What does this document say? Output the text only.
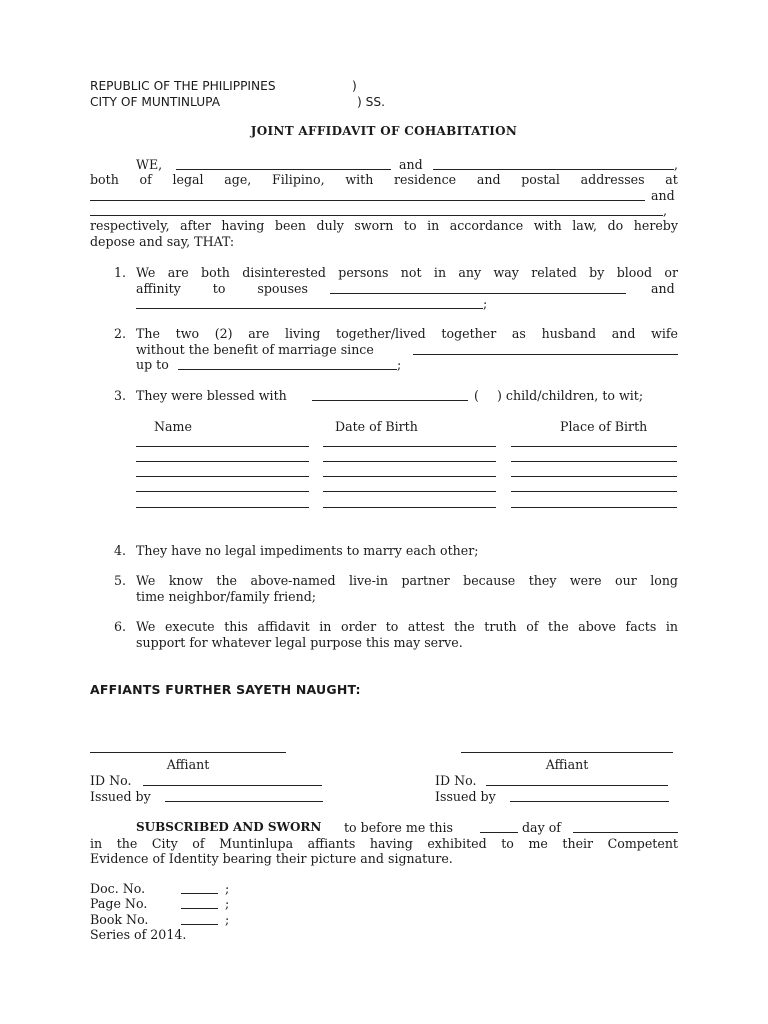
REPUBLIC OF THE PHILIPPINES	)
CITY OF MUNTINLUPA	) SS.
JOINT AFFIDAVIT OF COHABITATION
WE,	and	,
both of legal age, Filipino, with residence and postal addresses at
and
,
respectively, after having been duly sworn to in accordance with law, do hereby
depose and say, THAT:
1. We are both disinterested persons not in any way related by blood or
affinity	to	spouses	and
;
2. The two (2) are living together/lived together as husband and wife
without the benefit of marriage since
up to	;
3. They were blessed with	( ) child/children, to wit;
Name	Date of Birth	Place of Birth
4. They have no legal impediments to marry each other;
5. We know the above-named live-in partner because they were our long
time neighbor/family friend;
6. We execute this affidavit in order to attest the truth of the above facts in
support for whatever legal purpose this may serve.
AFFIANTS FURTHER SAYETH NAUGHT:
Affiant
ID No.
Issued by
Affiant
ID No.
Issued by
SUBSCRIBED AND SWORN to before me this	day of
in the City of Muntinlupa affiants having exhibited to me their Competent
Evidence of Identity bearing their picture and signature.
Doc. No.	;
Page No.	;
Book No.	;
Series of 2014.
